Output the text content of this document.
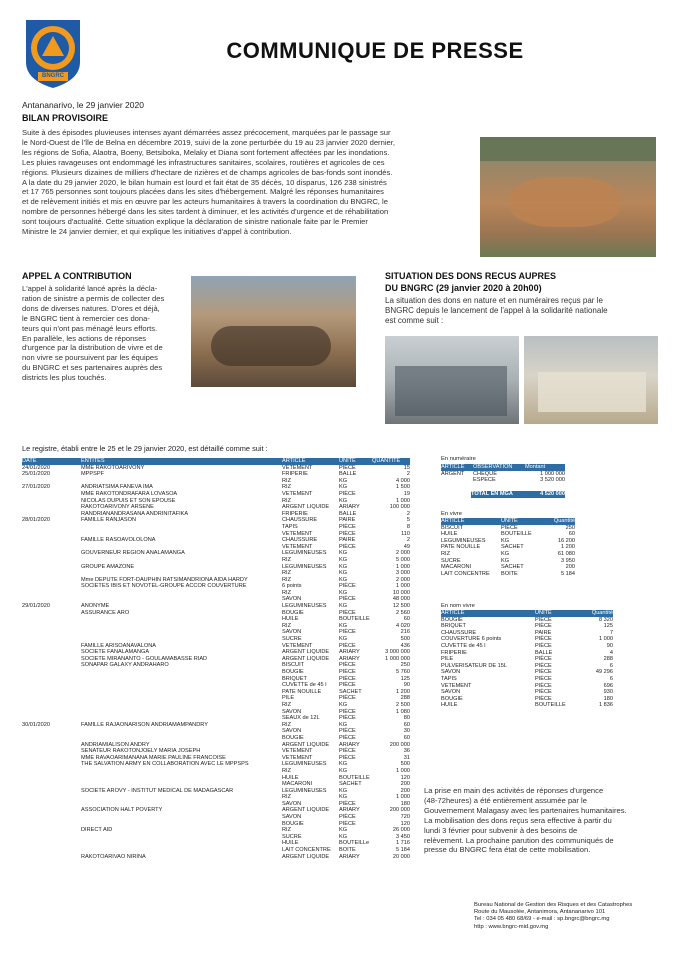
BNGRC
COMMUNIQUE DE PRESSE
Antananarivo, le 29 janvier 2020
BILAN PROVISOIRE
Suite à des épisodes pluvieuses intenses ayant démarrées assez précocement, marquées par le passage sur
le Nord-Ouest de l'île de Belna en décembre 2019, suivi de la zone perturbée du 19 au 23 janvier 2020 dernier,
les régions de Sofia, Alaotra, Boeny, Betsiboka, Melaky et Diana sont fortement affectées par les inondations.
Les pluies ravageuses ont endommagé les infrastructures sanitaires, scolaires, routières et agricoles de ces
régions. Plusieurs dizaines de milliers d'hectare de rizières et de champs agricoles de bas-fonds sont inondés.
A la date du 29 janvier 2020, le bilan humain est lourd et fait état de 35 décès, 10 disparus, 126 238 sinistrés
et 17 765 personnes sont toujours placées dans les sites d'hébergement. Malgré les réponses humanitaires
et de relèvement initiés et mis en œuvre par les acteurs humanitaires à travers la coordination du BNGRC, le
nombre de personnes hébergé dans les sites tardent à diminuer, et les activités d'urgence et de réhabilitation
sont toujours d'actualité. Cette situation explique la déclaration de sinistre nationale faite par le Premier
Ministre le 24 janvier dernier, et qui explique les initiatives d'appel à contribution.
APPEL A CONTRIBUTION
L'appel à solidarité lancé après la décla-
ration de sinistre a permis de collecter des
dons de diverses natures. D'ores et déjà,
le BNGRC tient à remercier ces dona-
teurs qui n'ont pas ménagé leurs efforts.
En parallèle, les actions de réponses
d'urgence par la distribution de vivre et de
non vivre se poursuivent par les équipes
du BNGRC et ses partenaires auprès des
districts les plus touchés.
SITUATION DES DONS RECUS AUPRES
DU BNGRC (29 janvier 2020 à 20h00)
La situation des dons en nature et en numéraires reçus par le
BNGRC depuis le lancement de l'appel à la solidarité nationale
est comme suit :
Le registre, établi entre le 25 et le 29 janvier 2020, est détaillé comme suit :
DATE	ENTITES	ARTICLE	UNITE	QUANTITE
24/01/2020	MME RAKOTOARIVONY	VETEMENT	PIÈCE	15
25/01/2020	MPPSPF	FRIPERIE	BALLE	2
		RIZ	KG	4 000
27/01/2020	ANDRIATSIMA FANEVA IMA	RIZ	KG	1 500
	MME RAKOTONDRAFARA LOVASOA	VETEMENT	PIÈCE	19
	NICOLAS DUPUIS ET SON EPOUSE	RIZ	KG	1 000
	RAKOTOARIVONY ARSENE	ARGENT LIQUIDE	ARIARY	100 000
	RANDRIANANDRASANA ANDRINITAFIKA	FRIPERIE	BALLE	2
28/01/2020	FAMILLE RANJASON	CHAUSSURE	PAIRE	5
		TAPIS	PIÈCE	8
		VETEMENT	PIÈCE	110
	FAMILLE RASOAVOLOLONA	CHAUSSURE	PAIRE	2
		VETEMENT	PIÈCE	49
	GOUVERNEUR REGION ANALAMANGA	LEGUMINEUSES	KG	2 000
		RIZ	KG	5 000
	GROUPE AMAZONE	LEGUMINEUSES	KG	1 000
		RIZ	KG	3 000
	Mme DEPUTE FORT-DAUPHIN RATSIMANDRIONA AIDA HARDY	RIZ	KG	2 000
	SOCIETES IBIS ET NOVOTEL-GROUPE ACCOR COUVERTURE	6 points	PIÈCE	1 000
		RIZ	KG	10 000
		SAVON	PIÈCE	48 000
29/01/2020	ANONYME	LEGUMINEUSES	KG	12 500
	ASSURANCE ARO	BOUGIE	PIÈCE	2 560
		HUILE	BOUTEILLE	60
		RIZ	KG	4 020
		SAVON	PIÈCE	216
		SUCRE	KG	500
	FAMILLE ARISOANAVALONA	VETEMENT	PIÈCE	436
	SOCIETE FANALAMANGA	ARGENT LIQUIDE	ARIARY	3 000 000
	SOCIETE MIRANANTO - GOULAMABASSE RIAD	ARGENT LIQUIDE	ARIARY	1 000 000
	SONAPAR GALAXY ANDRAHARO	BISCUIT	PIÈCE	250
		BOUGIE	PIÈCE	5 760
		BRIQUET	PIÈCE	125
		CUVETTE de 45 l	PIÈCE	90
		PATE NOUILLE	SACHET	1 200
		PILE	PIÈCE	288
		RIZ	KG	2 500
		SAVON	PIÈCE	1 080
		SEAUX de 12L	PIÈCE	80
30/01/2020	FAMILLE RAJAONARISON ANDRIAMAMPANDRY	RIZ	KG	60
		SAVON	PIÈCE	30
		BOUGIE	PIÈCE	60
	ANDRIAMIALISON ANDRY	ARGENT LIQUIDE	ARIARY	200 000
	SENATEUR RAKOTONJOELY MARIA JOSEPH	VETEMENT	PIÈCE	36
	MME RAVAOARIMANANA MARIE PAULINE FRANCOISE	VETEMENT	PIÈCE	31
	THE SALVATION ARMY EN COLLABORATION AVEC LE MPPSPS	LEGUMINEUSES	KG	500
		RIZ	KG	1 000
		HUILE	BOUTEILLE	120
		MACARONI	SACHET	200
	SOCIETE AROVY - INSTITUT MEDICAL DE MADAGASCAR	LEGUMINEUSES	KG	200
		RIZ	KG	1 000
		SAVON	PIÈCE	180
	ASSOCIATION HALT POVERTY	ARGENT LIQUIDE	ARIARY	200 000
		SAVON	PIÈCE	720
		BOUGIE	PIÈCE	120
	DIRECT AID	RIZ	KG	26 000
		SUCRE	KG	3 450
		HUILE	BOUTEILLe	1 716
		LAIT CONCENTRE	BOITE	5 184
	RAKOTOARIVAO NIRINA	ARGENT LIQUIDE	ARIARY	20 000
En numéraire
ARTICLE	OBSERVATION	Montant
ARGENT	CHEQUE	1 000 000
	ESPECE	3 520 000
TOTAL EN MGA	4 520 000
En vivre
ARTICLE	UNITE	Quantité
BISCUIT	PIÈCE	250
HUILE	BOUTEILLE	60
LEGUMINEUSES	KG	16 200
PATE NOUILLE	SACHET	1 200
RIZ	KG	61 080
SUCRE	KG	3 950
MACARONI	SACHET	200
LAIT CONCENTRE	BOITE	5 184
En nom vivre
ARTICLE	UNITE	Quantité
BOUGIE	PIÈCE	8 320
BRIQUET	PIÈCE	125
CHAUSSURE	PAIRE	7
COUVERTURE 6 points	PIÈCE	1 000
CUVETTE de 45 l	PIÈCE	90
FRIPERIE	BALLE	4
PILE	PIÈCE	288
PULVERISATEUR DE 15L	PIÈCE	6
SAVON	PIÈCE	49 296
TAPIS	PIÈCE	6
VETEMENT	PIÈCE	696
SAVON	PIÈCE	930
BOUGIE	PIÈCE	180
HUILE	BOUTEILLE	1 836
La prise en main des activités de réponses d'urgence
(48-72heures) a été entièrement assumée par le
Gouvernement Malagasy avec les partenaires humanitaires.
La mobilisation des dons reçus sera effective à partir du
lundi 3 février pour subvenir à des besoins de
relèvement. La prochaine parution des communiqués de
presse du BNGRC fera état de cette mobilisation.
Bureau National de Gestion des Risques et des Catastrophes
Route du Mausolée, Antanimora, Antananarivo 101
Tel : 034 05 480 68/69 - e-mail : sp.bngrc@bngrc.mg
http : www.bngrc-mid.gov.mg
